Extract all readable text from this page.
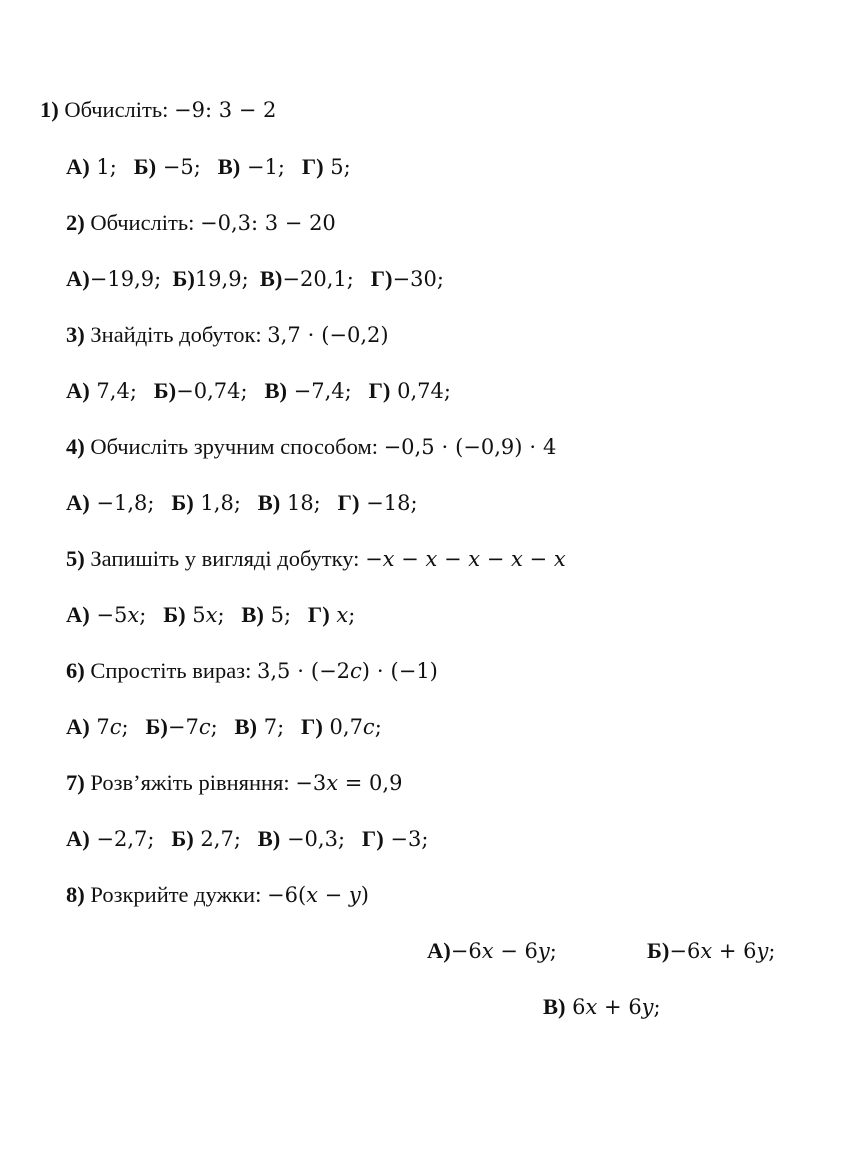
1) Обчисліть: −9: 3 − 2
А) 1; Б) −5; В) −1; Г) 5;
2) Обчисліть: −0,3: 3 − 20
А)−19,9; Б)19,9; В)−20,1; Г)−30;
3) Знайдіть добуток: 3,7 ⋅ (−0,2)
А) 7,4; Б)−0,74; В) −7,4; Г) 0,74;
4) Обчисліть зручним способом: −0,5 ⋅ (−0,9) ⋅ 4
А) −1,8; Б) 1,8; В) 18; Г) −18;
5) Запишіть у вигляді добутку: −𝑥 − 𝑥 − 𝑥 − 𝑥 − 𝑥
А) −5𝑥; Б) 5𝑥; В) 5; Г) 𝑥;
6) Спростіть вираз: 3,5 ⋅ (−2𝑐) ⋅ (−1)
А) 7𝑐; Б)−7𝑐; В) 7; Г) 0,7𝑐;
7) Розв’яжіть рівняння: −3𝑥 = 0,9
А) −2,7; Б) 2,7; В) −0,3; Г) −3;
8) Розкрийте дужки: −6(𝑥 − 𝑦)
А)−6𝑥 − 6𝑦;	Б)−6𝑥 + 6𝑦;
В) 6𝑥 + 6𝑦;
